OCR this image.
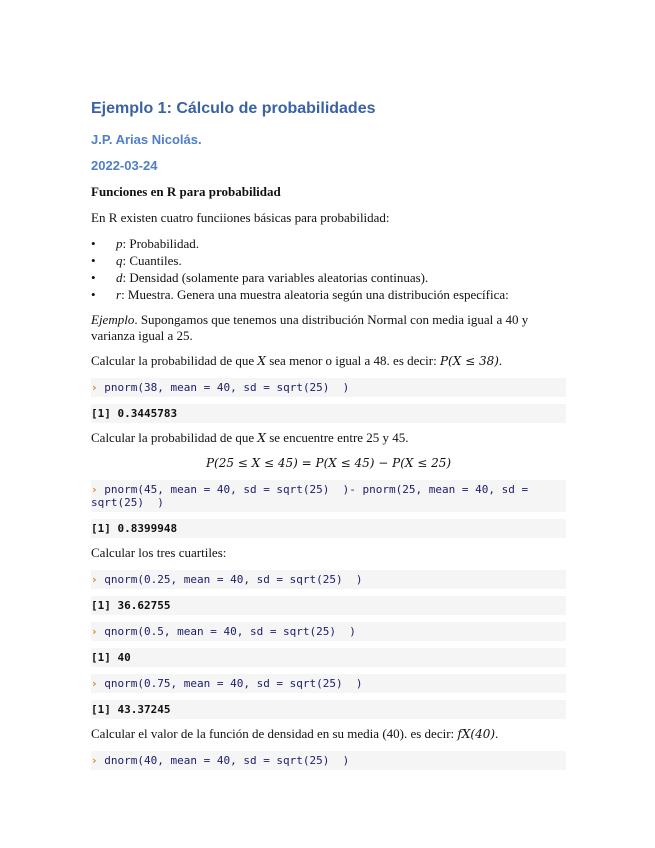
Ejemplo 1: Cálculo de probabilidades
J.P. Arias Nicolás.
2022-03-24
Funciones en R para probabilidad

En R existen cuatro funciiones básicas para probabilidad:

• p: Probabilidad.
• q: Cuantiles.
• d: Densidad (solamente para variables aleatorias continuas).
• r: Muestra. Genera una muestra aleatoria según una distribución específica:

Ejemplo. Supongamos que tenemos una distribución Normal con media igual a 40 y varianza igual a 25.

Calcular la probabilidad de que X sea menor o igual a 48. es decir: P(X ≤ 38).

› pnorm(38, mean = 40, sd = sqrt(25)  )
[1] 0.3445783

Calcular la probabilidad de que X se encuentre entre 25 y 45.

P(25 ≤ X ≤ 45) = P(X ≤ 45) − P(X ≤ 25)

› pnorm(45, mean = 40, sd = sqrt(25)  )- pnorm(25, mean = 40, sd = sqrt(25)  )
[1] 0.8399948

Calcular los tres cuartiles:

› qnorm(0.25, mean = 40, sd = sqrt(25)  )
[1] 36.62755
› qnorm(0.5, mean = 40, sd = sqrt(25)  )
[1] 40
› qnorm(0.75, mean = 40, sd = sqrt(25)  )
[1] 43.37245

Calcular el valor de la función de densidad en su media (40). es decir: fX(40).

› dnorm(40, mean = 40, sd = sqrt(25)  )
